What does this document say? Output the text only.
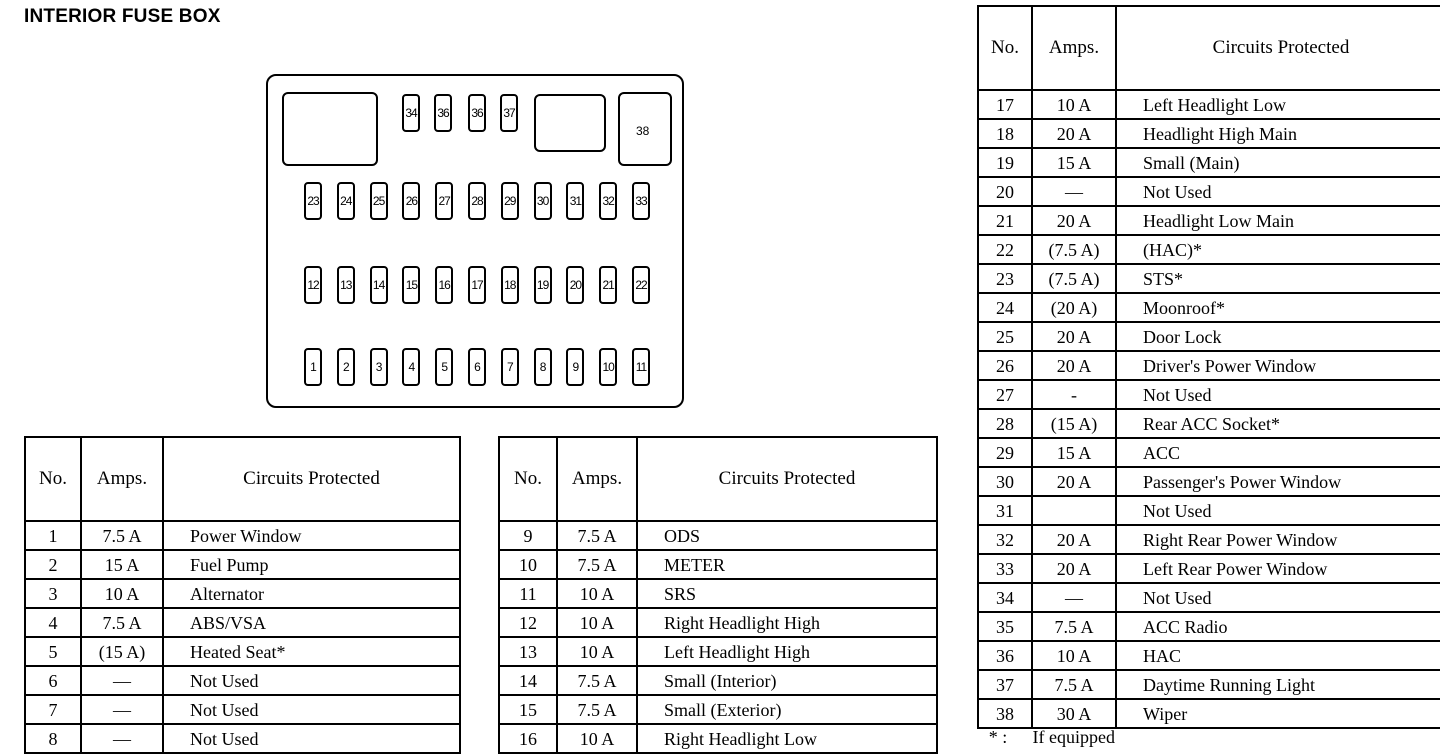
INTERIOR FUSE BOX
34 36 36 37
38
23 24 25 26 27 28 29 30 31 32 33
12 13 14 15 16 17 18 19 20 21 22
1	2	3	4	5	6	7	8	9	10	11
No.	Amps.	Circuits Protected
1	7.5 A	Power Window
2	15 A	Fuel Pump
3	10 A	Alternator
4	7.5 A	ABS/VSA
5	(15 A)	Heated Seat*
6	—	Not Used
7	—	Not Used
8	—	Not Used
No.	Amps.	Circuits Protected
9	7.5 A	ODS
10	7.5 A	METER
11	10 A	SRS
12	10 A	Right Headlight High
13	10 A	Left Headlight High
14	7.5 A	Small (Interior)
15	7.5 A	Small (Exterior)
16	10 A	Right Headlight Low
No.	Amps.	Circuits Protected
17	10 A	Left Headlight Low
18	20 A	Headlight High Main
19	15 A	Small (Main)
20	—	Not Used
21	20 A	Headlight Low Main
22	(7.5 A)	(HAC)*
23	(7.5 A)	STS*
24	(20 A)	Moonroof*
25	20 A	Door Lock
26	20 A	Driver's Power Window
27	-	Not Used
28	(15 A)	Rear ACC Socket*
29	15 A	ACC
30	20 A	Passenger's Power Window
31		Not Used
32	20 A	Right Rear Power Window
33	20 A	Left Rear Power Window
34	—	Not Used
35	7.5 A	ACC Radio
36	10 A	HAC
37	7.5 A	Daytime Running Light
38	30 A	Wiper
* : If equipped
